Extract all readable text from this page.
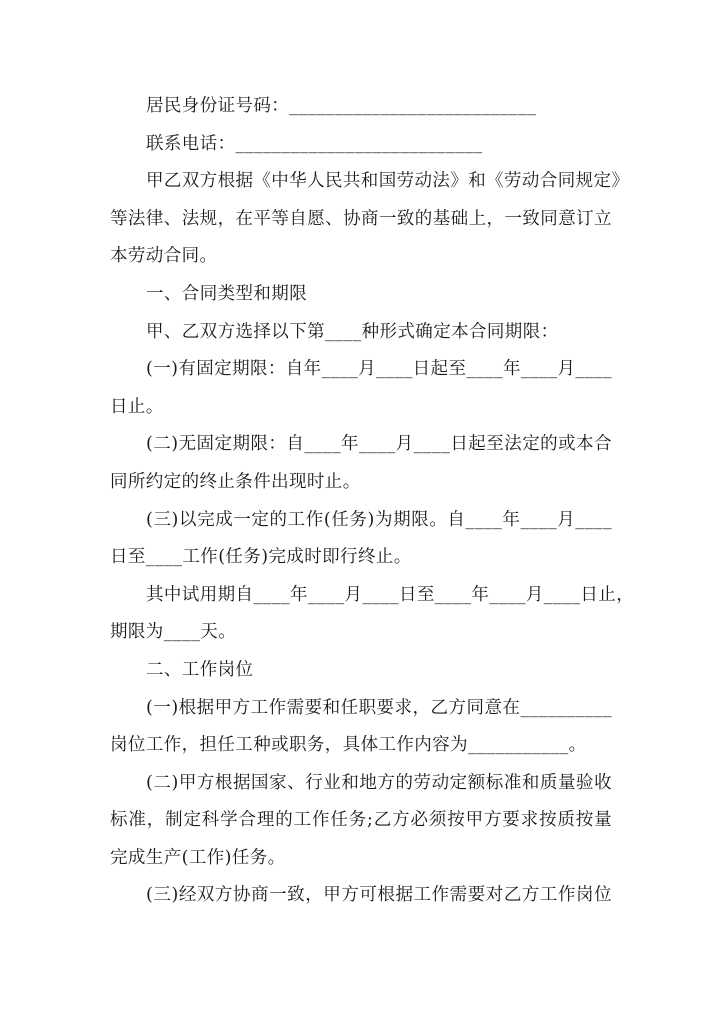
居民身份证号码：___________________________
联系电话：___________________________
甲乙双方根据《中华人民共和国劳动法》和《劳动合同规定》
等法律、法规，在平等自愿、协商一致的基础上，一致同意订立
本劳动合同。
一、合同类型和期限
甲、乙双方选择以下第____种形式确定本合同期限：
(一)有固定期限：自年____月____日起至____年____月____
日止。
(二)无固定期限：自____年____月____日起至法定的或本合
同所约定的终止条件出现时止。
(三)以完成一定的工作(任务)为期限。自____年____月____
日至____工作(任务)完成时即行终止。
其中试用期自____年____月____日至____年____月____日止，
期限为____天。
二、工作岗位
(一)根据甲方工作需要和任职要求，乙方同意在__________
岗位工作，担任工种或职务，具体工作内容为___________。
(二)甲方根据国家、行业和地方的劳动定额标准和质量验收
标准，制定科学合理的工作任务;乙方必须按甲方要求按质按量
完成生产(工作)任务。
(三)经双方协商一致，甲方可根据工作需要对乙方工作岗位
